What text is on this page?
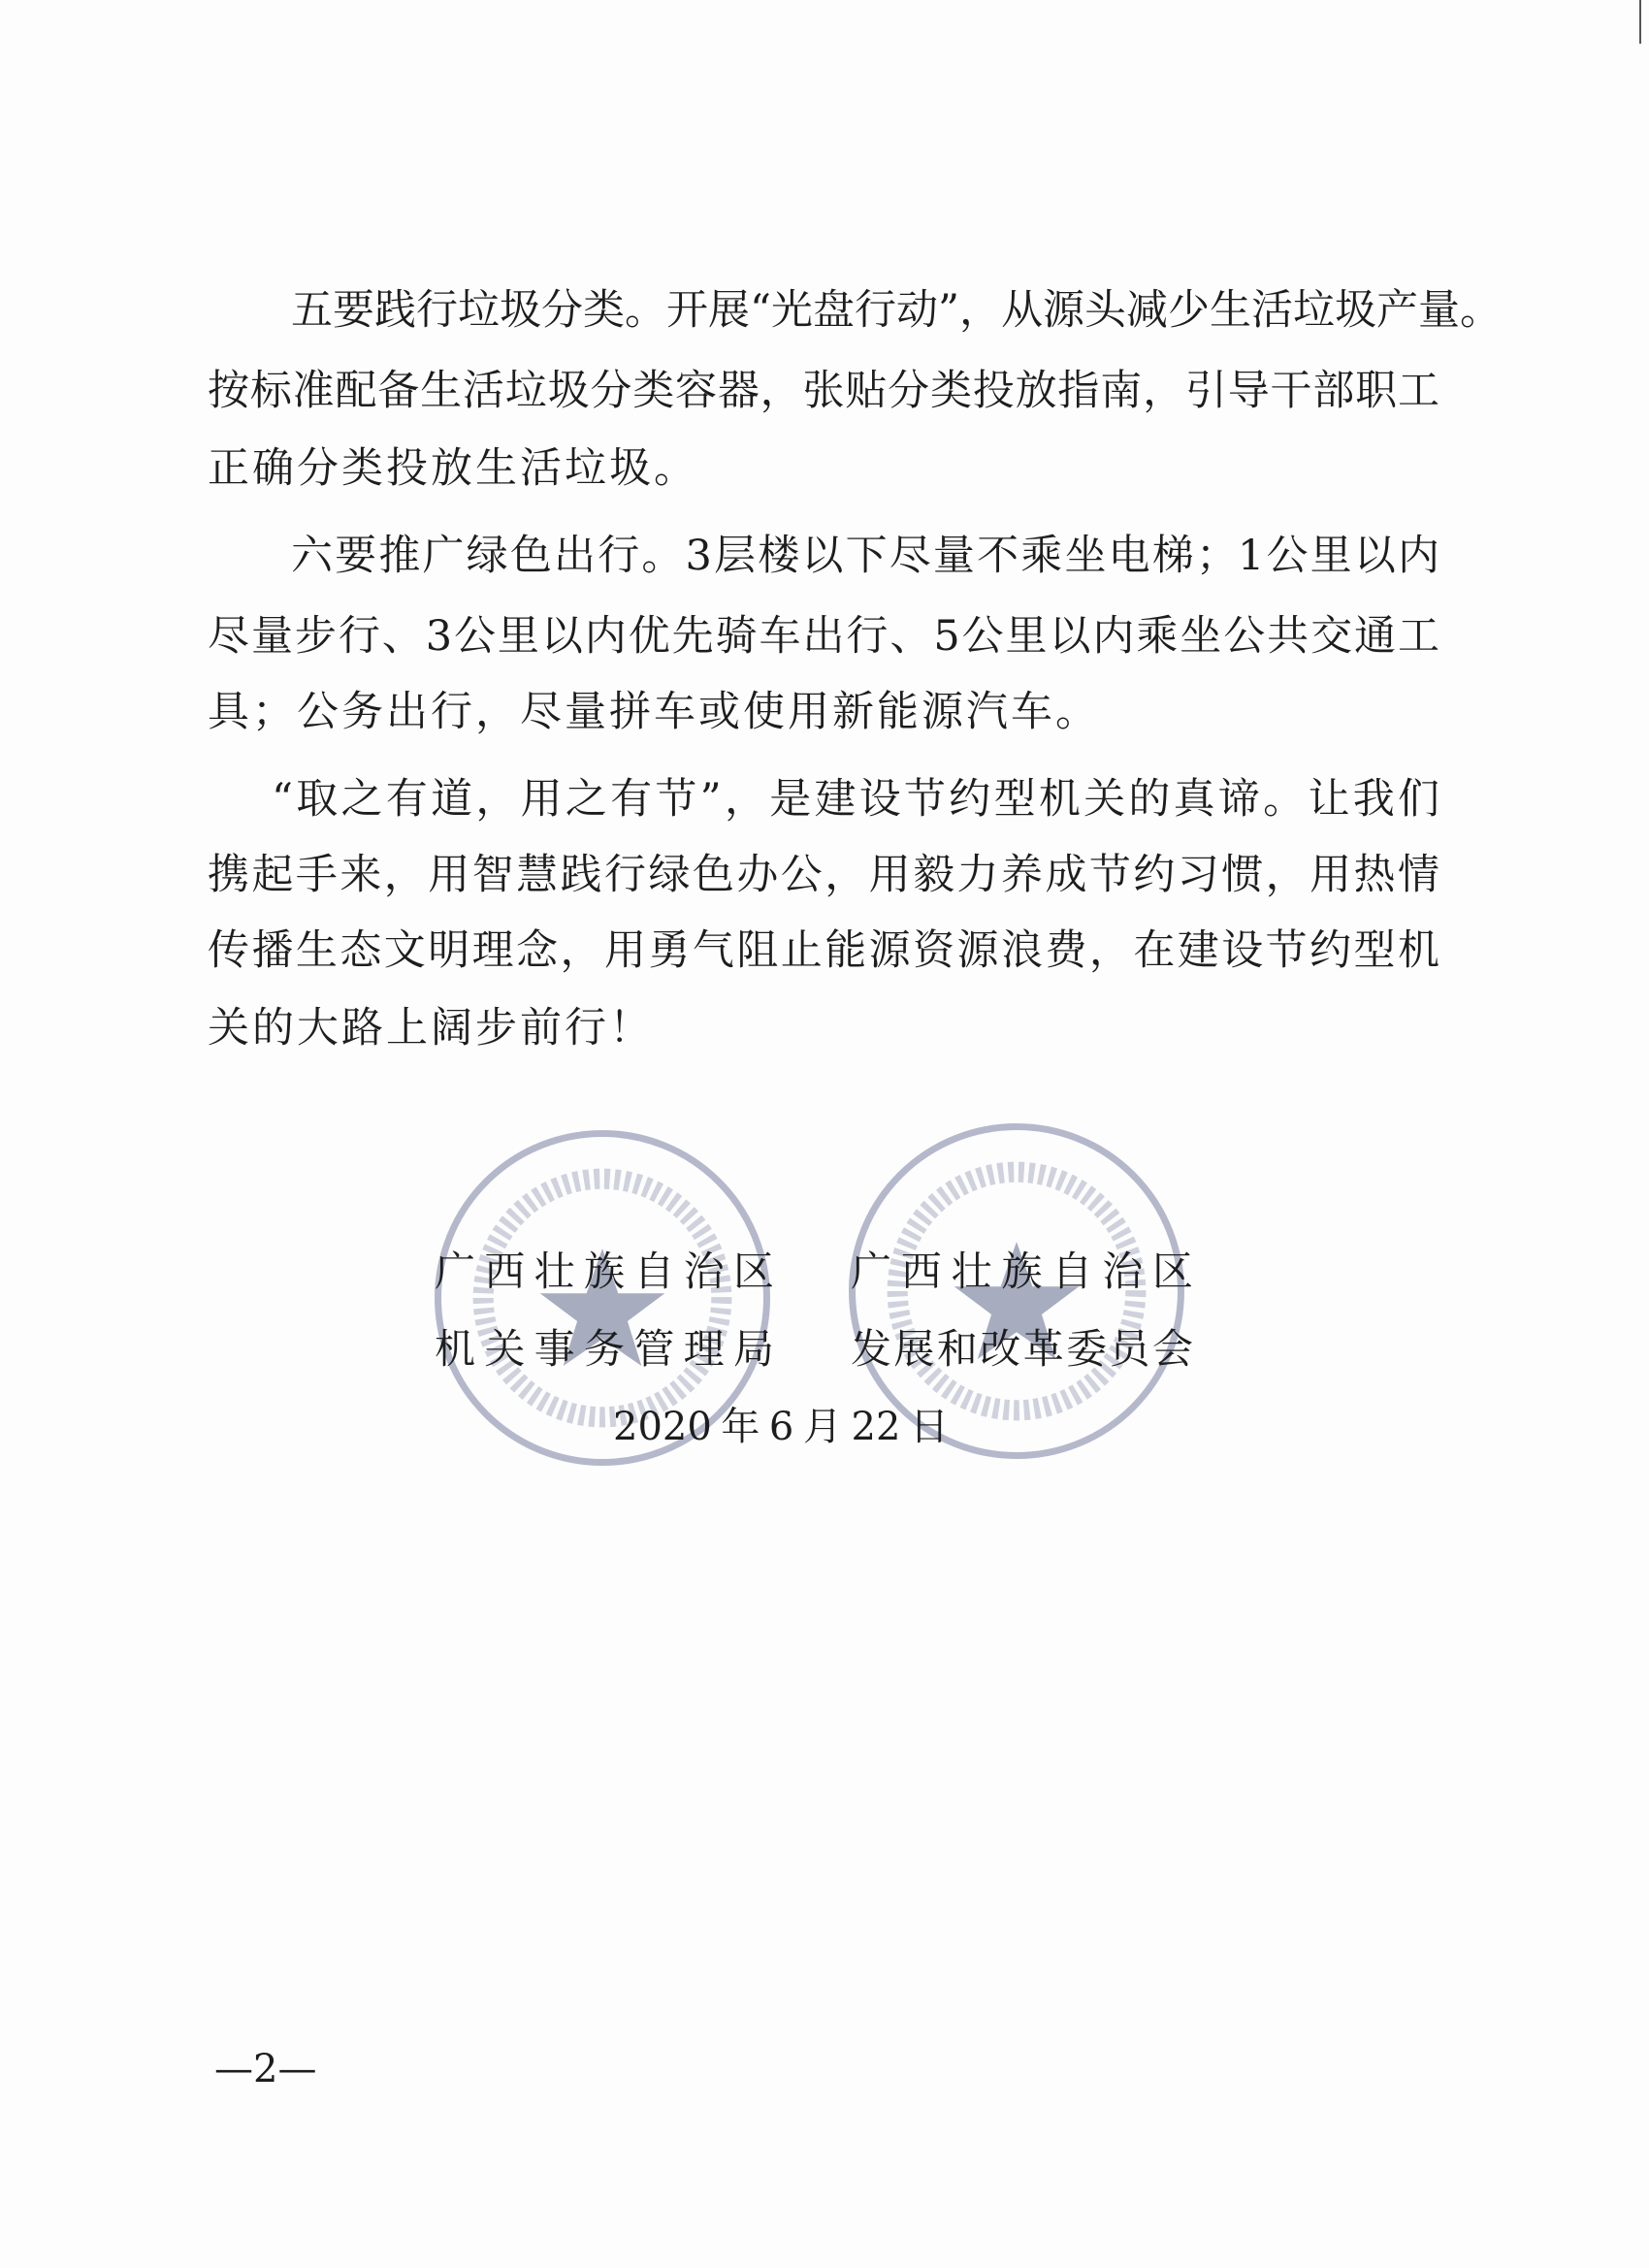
五要践行垃圾分类。开展“光盘行动”，从源头减少生活垃圾产量。
按标准配备生活垃圾分类容器，张贴分类投放指南，引导干部职工
正确分类投放生活垃圾。
六要推广绿色出行。3层楼以下尽量不乘坐电梯；1公里以内
尽量步行、3公里以内优先骑车出行、5公里以内乘坐公共交通工
具；公务出行，尽量拼车或使用新能源汽车。
“取之有道，用之有节”，是建设节约型机关的真谛。让我们
携起手来，用智慧践行绿色办公，用毅力养成节约习惯，用热情
传播生态文明理念，用勇气阻止能源资源浪费，在建设节约型机
关的大路上阔步前行！
广西壮族自治区
机关事务管理局
广西壮族自治区
发展和改革委员会
2020年6月22日
—2—
